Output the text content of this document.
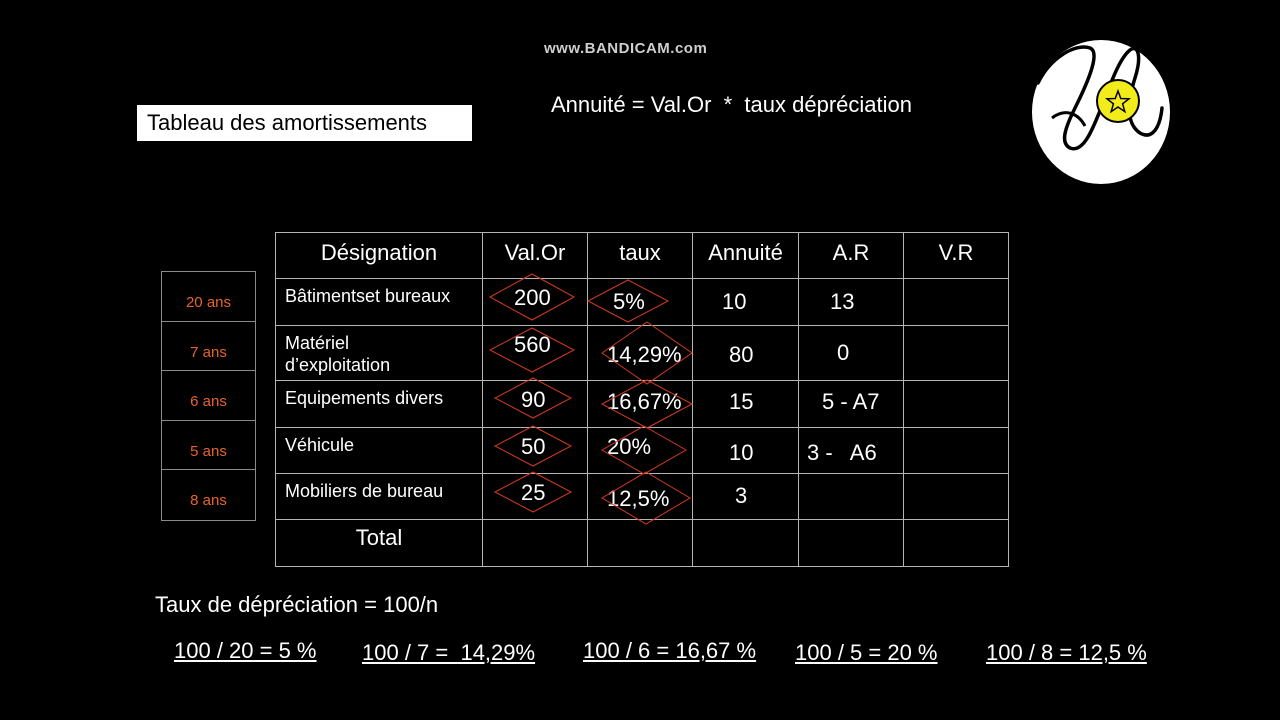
www.BANDICAM.com
Tableau des amortissements
Annuité = Val.Or  *  taux dépréciation
20 ans
7 ans
6 ans
5 ans
8 ans
Désignation	Val.Or	taux	Annuité	A.R	V.R

Bâtimentset bureaux	200	5%	10	13	

Matériel
d’exploitation	560	14,29%	80	0	

Equipements divers	90	16,67%	15	5 - A7	

Véhicule	50	20%	10	3 -   A6	

Mobiliers de bureau	25	12,5%	3		

Total					

Taux de dépréciation = 100/n
100 / 20 = 5 % 100 / 7 =  14,29% 100 / 6 = 16,67 % 100 / 5 = 20 % 100 / 8 = 12,5 %
